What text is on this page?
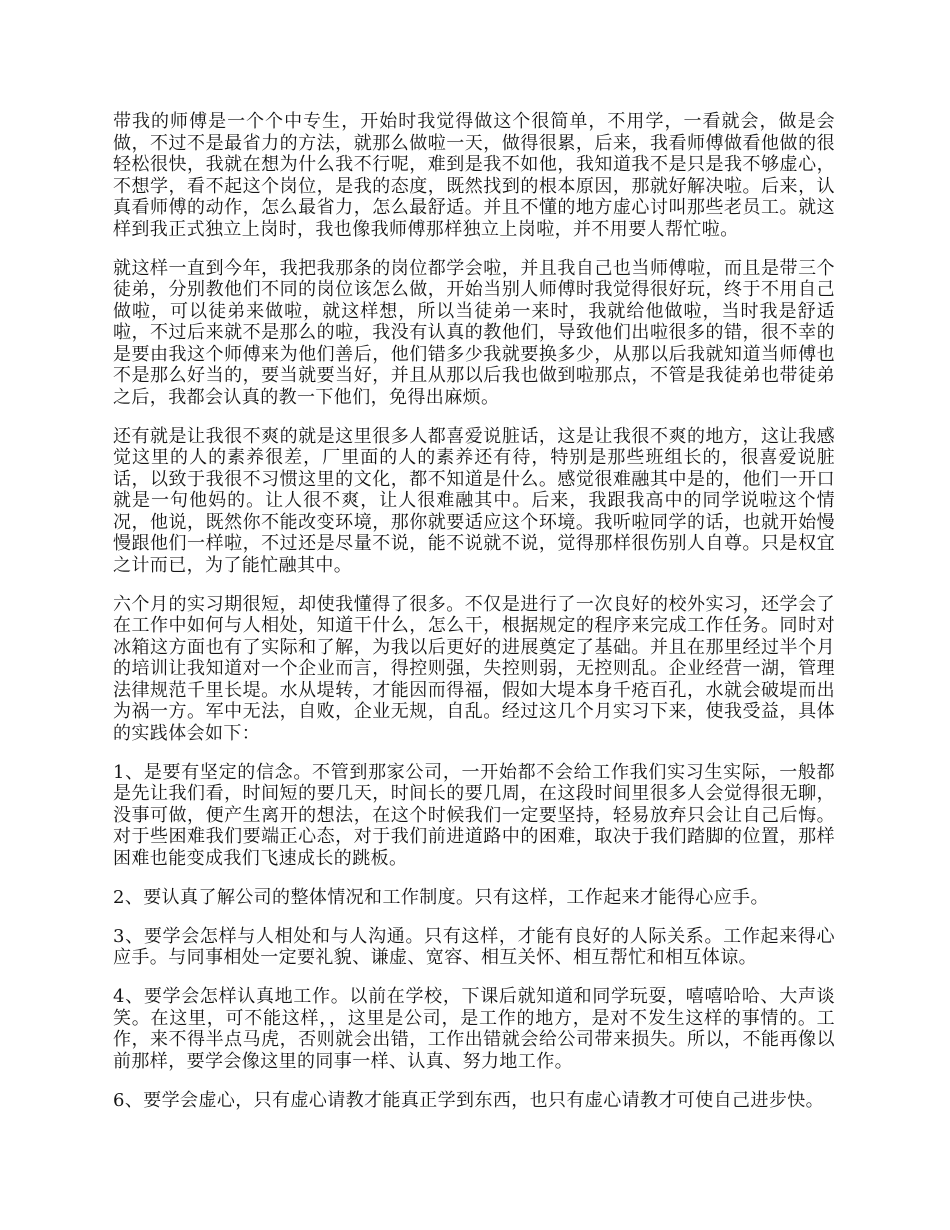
带我的师傅是一个个中专生，开始时我觉得做这个很简单，不用学，一看就会，做是会
做，不过不是最省力的方法，就那么做啦一天，做得很累，后来，我看师傅做看他做的很
轻松很快，我就在想为什么我不行呢，难到是我不如他，我知道我不是只是我不够虚心，
不想学，看不起这个岗位，是我的态度，既然找到的根本原因，那就好解决啦。后来，认
真看师傅的动作，怎么最省力，怎么最舒适。并且不懂的地方虚心讨叫那些老员工。就这
样到我正式独立上岗时，我也像我师傅那样独立上岗啦，并不用要人帮忙啦。
就这样一直到今年，我把我那条的岗位都学会啦，并且我自己也当师傅啦，而且是带三个
徒弟，分别教他们不同的岗位该怎么做，开始当别人师傅时我觉得很好玩，终于不用自己
做啦，可以徒弟来做啦，就这样想，所以当徒弟一来时，我就给他做啦，当时我是舒适
啦，不过后来就不是那么的啦，我没有认真的教他们，导致他们出啦很多的错，很不幸的
是要由我这个师傅来为他们善后，他们错多少我就要换多少，从那以后我就知道当师傅也
不是那么好当的，要当就要当好，并且从那以后我也做到啦那点，不管是我徒弟也带徒弟
之后，我都会认真的教一下他们，免得出麻烦。
还有就是让我很不爽的就是这里很多人都喜爱说脏话，这是让我很不爽的地方，这让我感
觉这里的人的素养很差，厂里面的人的素养还有待，特别是那些班组长的，很喜爱说脏
话，以致于我很不习惯这里的文化，都不知道是什么。感觉很难融其中是的，他们一开口
就是一句他妈的。让人很不爽，让人很难融其中。后来，我跟我高中的同学说啦这个情
况，他说，既然你不能改变环境，那你就要适应这个环境。我听啦同学的话，也就开始慢
慢跟他们一样啦，不过还是尽量不说，能不说就不说，觉得那样很伤别人自尊。只是权宜
之计而已，为了能忙融其中。
六个月的实习期很短，却使我懂得了很多。不仅是进行了一次良好的校外实习，还学会了
在工作中如何与人相处，知道干什么，怎么干，根据规定的程序来完成工作任务。同时对
冰箱这方面也有了实际和了解，为我以后更好的进展奠定了基础。并且在那里经过半个月
的培训让我知道对一个企业而言，得控则强，失控则弱，无控则乱。企业经营一湖，管理
法律规范千里长堤。水从堤转，才能因而得福，假如大堤本身千疮百孔，水就会破堤而出
为祸一方。军中无法，自败，企业无规，自乱。经过这几个月实习下来，使我受益，具体
的实践体会如下：
1、是要有坚定的信念。不管到那家公司，一开始都不会给工作我们实习生实际，一般都
是先让我们看，时间短的要几天，时间长的要几周，在这段时间里很多人会觉得很无聊，
没事可做，便产生离开的想法，在这个时候我们一定要坚持，轻易放弃只会让自己后悔。
对于些困难我们要端正心态，对于我们前进道路中的困难，取决于我们踏脚的位置，那样
困难也能变成我们飞速成长的跳板。
2、要认真了解公司的整体情况和工作制度。只有这样，工作起来才能得心应手。
3、要学会怎样与人相处和与人沟通。只有这样，才能有良好的人际关系。工作起来得心
应手。与同事相处一定要礼貌、谦虚、宽容、相互关怀、相互帮忙和相互体谅。
4、要学会怎样认真地工作。以前在学校，下课后就知道和同学玩耍，嘻嘻哈哈、大声谈
笑。在这里，可不能这样，，这里是公司，是工作的地方，是对不发生这样的事情的。工
作，来不得半点马虎，否则就会出错，工作出错就会给公司带来损失。所以，不能再像以
前那样，要学会像这里的同事一样、认真、努力地工作。
6、要学会虚心，只有虚心请教才能真正学到东西，也只有虚心请教才可使自己进步快。
